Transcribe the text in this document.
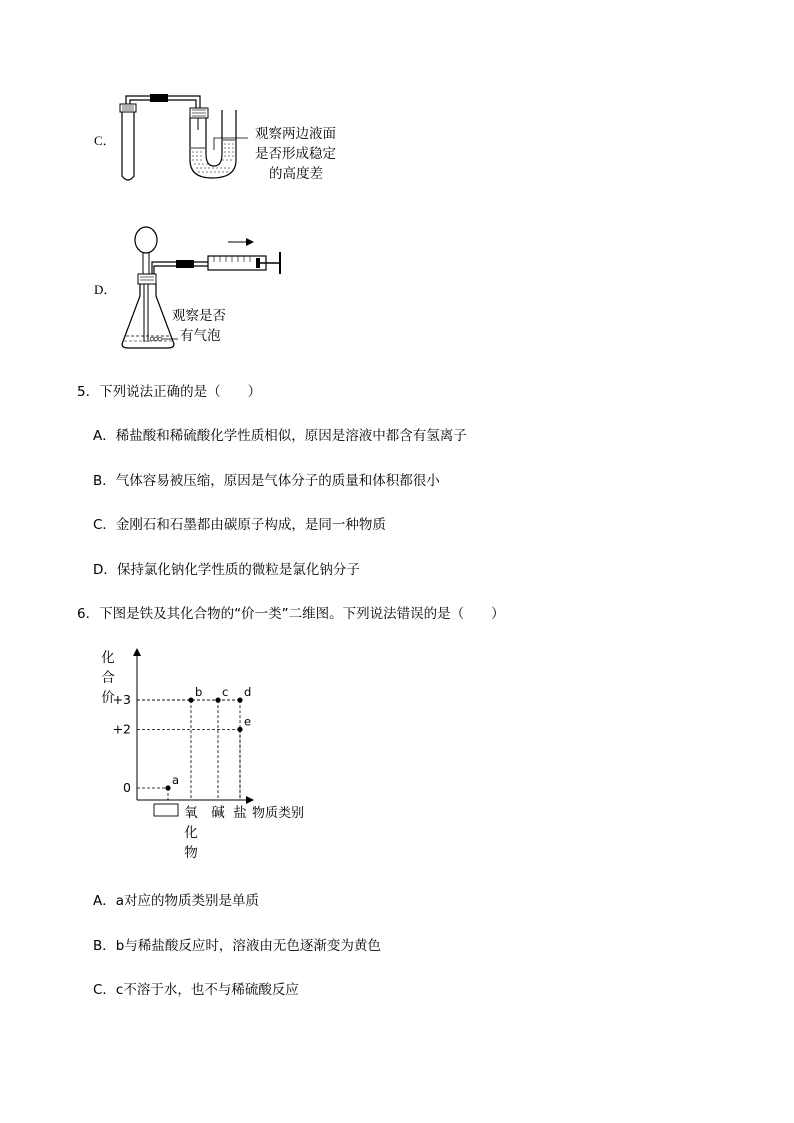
C．	观察两边液面
是否形成稳定
的高度差
D．
观察是否
有气泡
5．下列说法正确的是（　　）
A．稀盐酸和稀硫酸化学性质相似，原因是溶液中都含有氢离子
B．气体容易被压缩，原因是气体分子的质量和体积都很小
C．金刚石和石墨都由碳原子构成，是同一种物质
D．保持氯化钠化学性质的微粒是氯化钠分子
6．下图是铁及其化合物的“价一类”二维图。下列说法错误的是（　　）
化
合
价
物质类别
+3
+2
0	a
b c d
e
氧
化
物
碱 盐
A．a对应的物质类别是单质
B．b与稀盐酸反应时，溶液由无色逐渐变为黄色
C．c不溶于水，也不与稀硫酸反应
